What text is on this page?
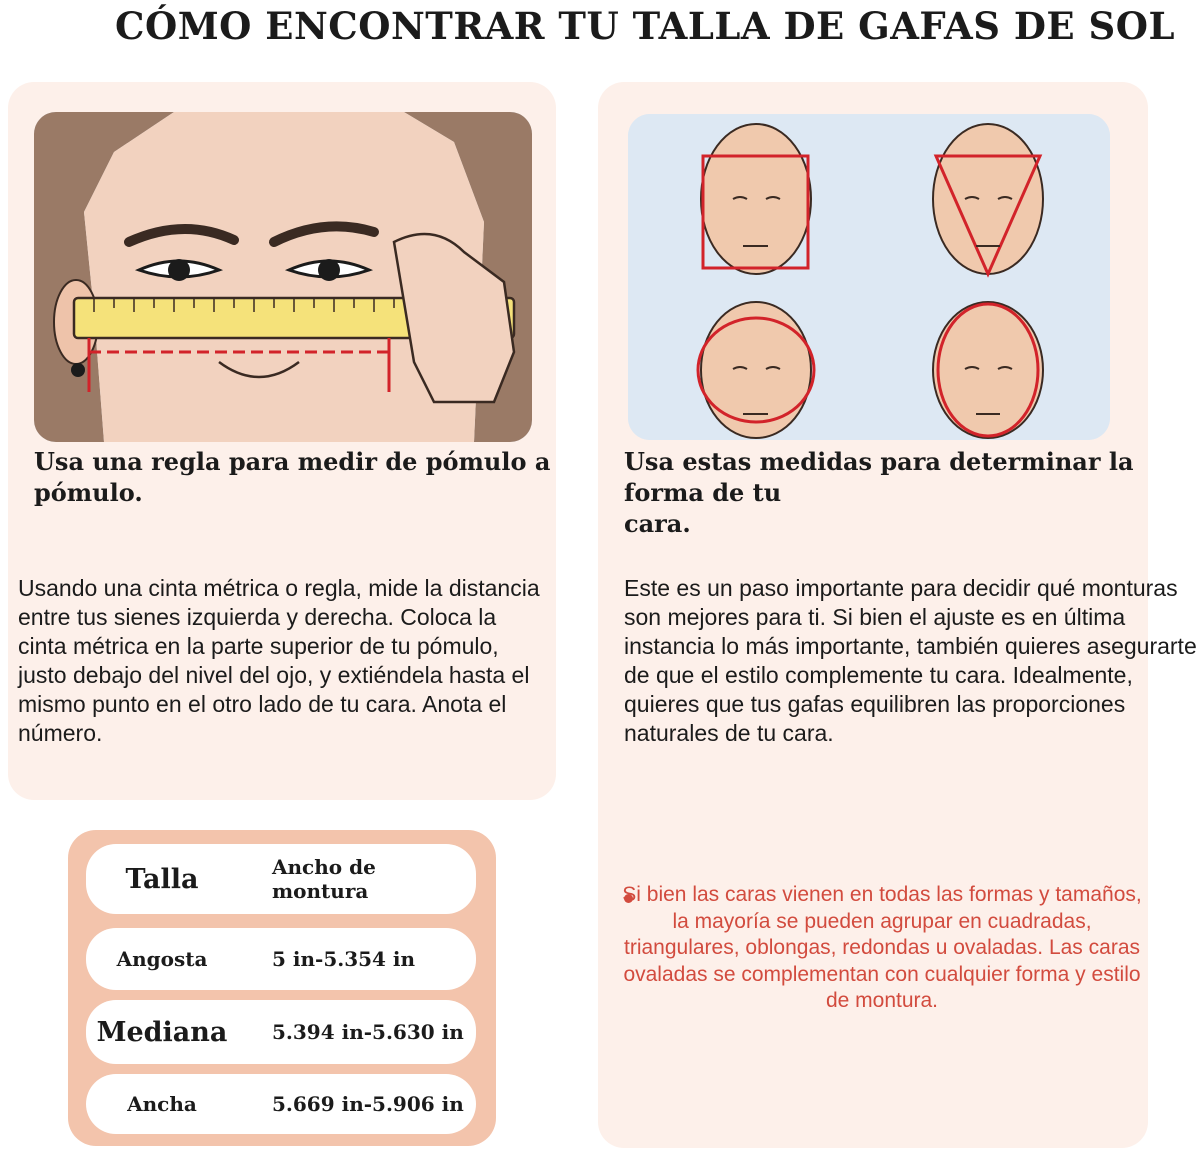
CÓMO ENCONTRAR TU TALLA DE GAFAS DE SOL
Usa una regla para medir de pómulo a pómulo.
Usando una cinta métrica o regla, mide la distancia entre tus sienes izquierda y derecha. Coloca la cinta métrica en la parte superior de tu pómulo, justo debajo del nivel del ojo, y extiéndela hasta el mismo punto en el otro lado de tu cara. Anota el número.
Usa estas medidas para determinar la
forma de tu
cara.
Este es un paso importante para decidir qué monturas son mejores para ti. Si bien el ajuste es en última instancia lo más importante, también quieres asegurarte de que el estilo complemente tu cara. Idealmente, quieres que tus gafas equilibren las proporciones naturales de tu cara.
Si bien las caras vienen en todas las formas y tamaños, la mayoría se pueden agrupar en cuadradas, triangulares, oblongas, redondas u ovaladas. Las caras ovaladas se complementan con cualquier forma y estilo de montura.
Talla	Ancho de montura
Angosta	5 in-5.354 in
Mediana	5.394 in-5.630 in
Ancha	5.669 in-5.906 in
